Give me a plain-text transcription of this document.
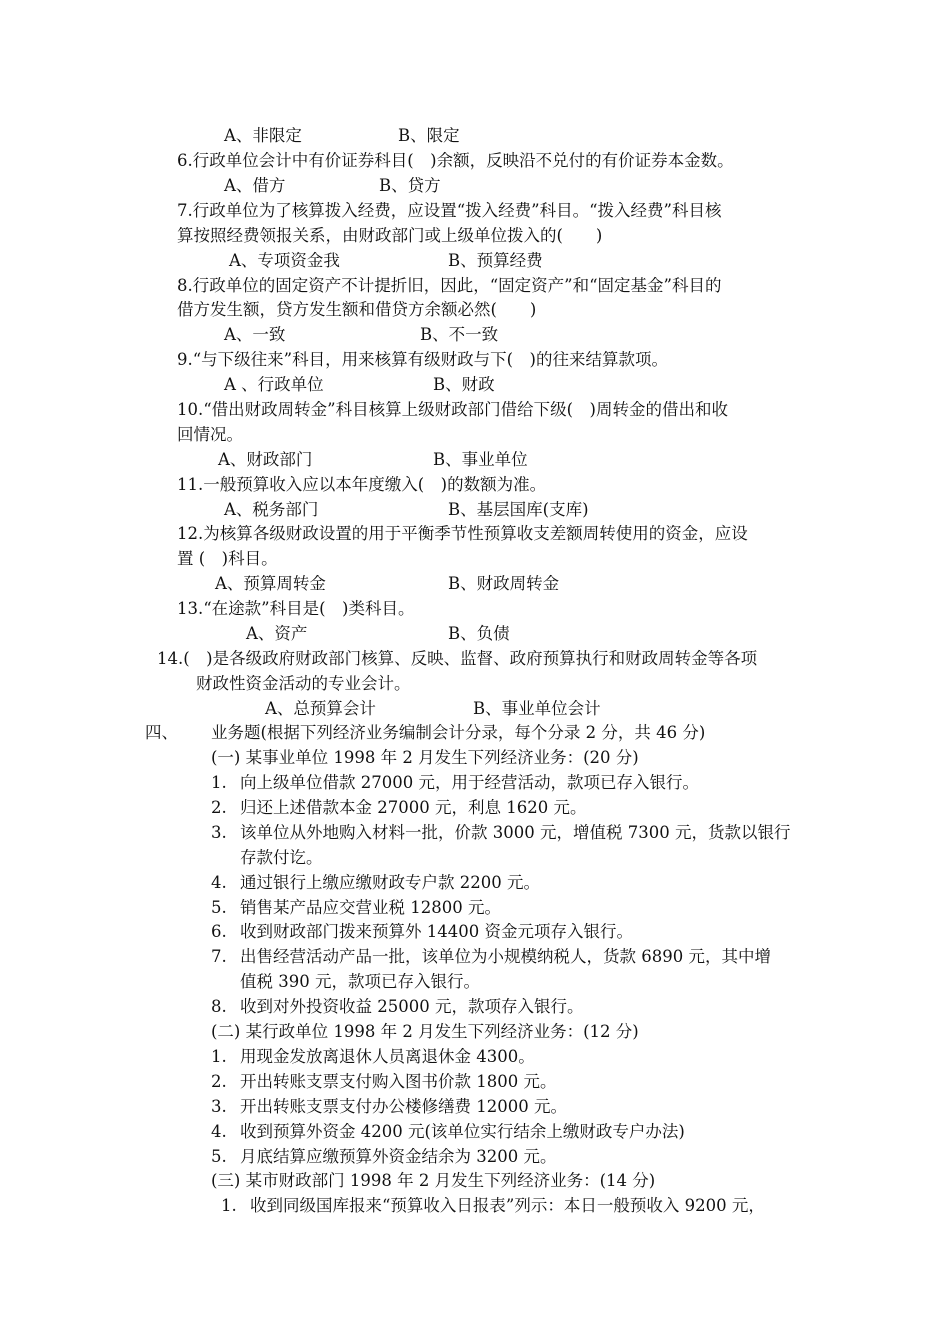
A、非限定	B、限定
6.行政单位会计中有价证券科目(　)余额，反映沿不兑付的有价证券本金数。
A、借方	B、贷方
7.行政单位为了核算拨入经费，应设置“拨入经费”科目。“拨入经费”科目核
算按照经费领报关系，由财政部门或上级单位拨入的(　　)
A、专项资金我	B、预算经费
8.行政单位的固定资产不计提折旧，因此，“固定资产”和“固定基金”科目的
借方发生额，贷方发生额和借贷方余额必然(　　)
A、一致	B、不一致
9.“与下级往来”科目，用来核算有级财政与下(　)的往来结算款项。
A 、行政单位	B、财政
10.“借出财政周转金”科目核算上级财政部门借给下级(　)周转金的借出和收
回情况。
A、财政部门	B、事业单位
11.一般预算收入应以本年度缴入(　)的数额为准。
A、税务部门	B、基层国库(支库)
12.为核算各级财政设置的用于平衡季节性预算收支差额周转使用的资金，应设
置 (　)科目。
A、预算周转金	B、财政周转金
13.“在途款”科目是(　)类科目。
A、资产	B、负债
14.(　)是各级政府财政部门核算、反映、监督、政府预算执行和财政周转金等各项
财政性资金活动的专业会计。
A、总预算会计	B、事业单位会计
四、 业务题(根据下列经济业务编制会计分录，每个分录 2 分，共 46 分)
(一) 某事业单位 1998 年 2 月发生下列经济业务：(20 分)
1. 向上级单位借款 27000 元，用于经营活动，款项已存入银行。
2. 归还上述借款本金 27000 元，利息 1620 元。
3. 该单位从外地购入材料一批，价款 3000 元，增值税 7300 元，货款以银行
存款付讫。
4. 通过银行上缴应缴财政专户款 2200 元。
5. 销售某产品应交营业税 12800 元。
6. 收到财政部门拨来预算外 14400 资金元项存入银行。
7. 出售经营活动产品一批，该单位为小规模纳税人，货款 6890 元，其中增
值税 390 元，款项已存入银行。
8. 收到对外投资收益 25000 元，款项存入银行。
(二) 某行政单位 1998 年 2 月发生下列经济业务：(12 分)
1. 用现金发放离退休人员离退休金 4300。
2. 开出转账支票支付购入图书价款 1800 元。
3. 开出转账支票支付办公楼修缮费 12000 元。
4. 收到预算外资金 4200 元(该单位实行结余上缴财政专户办法)
5. 月底结算应缴预算外资金结余为 3200 元。
(三) 某市财政部门 1998 年 2 月发生下列经济业务：(14 分)
1. 收到同级国库报来“预算收入日报表”列示：本日一般预收入 9200 元，
